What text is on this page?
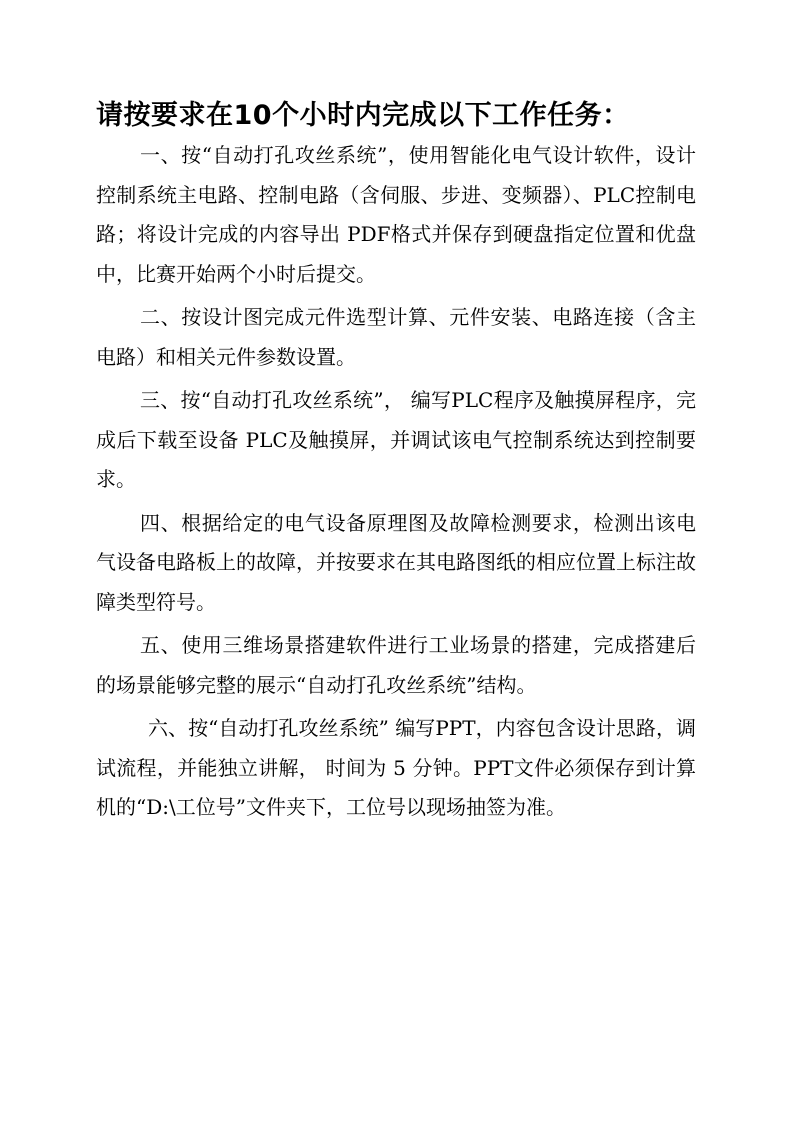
请按要求在10个小时内完成以下工作任务：

一、按“自动打孔攻丝系统”，使用智能化电气设计软件，设计控制系统主电路、控制电路（含伺服、步进、变频器）、PLC控制电路；将设计完成的内容导出 PDF格式并保存到硬盘指定位置和优盘中，比赛开始两个小时后提交。

二、按设计图完成元件选型计算、元件安装、电路连接（含主电路）和相关元件参数设置。

三、按“自动打孔攻丝系统”， 编写PLC程序及触摸屏程序，完成后下载至设备 PLC及触摸屏，并调试该电气控制系统达到控制要求。

四、根据给定的电气设备原理图及故障检测要求，检测出该电气设备电路板上的故障，并按要求在其电路图纸的相应位置上标注故障类型符号。

五、使用三维场景搭建软件进行工业场景的搭建，完成搭建后的场景能够完整的展示“自动打孔攻丝系统”结构。

六、按“自动打孔攻丝系统” 编写PPT，内容包含设计思路，调试流程，并能独立讲解， 时间为 5 分钟。PPT文件必须保存到计算机的“D:\工位号”文件夹下，工位号以现场抽签为准。
